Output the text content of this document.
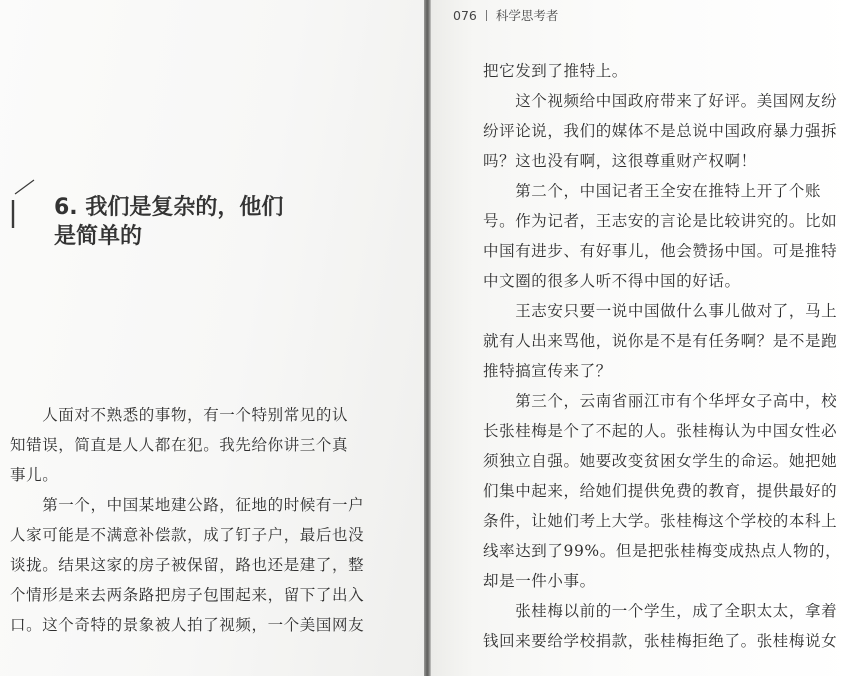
6. 我们是复杂的，他们
是简单的
　　人面对不熟悉的事物，有一个特别常见的认
知错误，简直是人人都在犯。我先给你讲三个真
事儿。
　　第一个，中国某地建公路，征地的时候有一户
人家可能是不满意补偿款，成了钉子户，最后也没
谈拢。结果这家的房子被保留，路也还是建了，整
个情形是来去两条路把房子包围起来，留下了出入
口。这个奇特的景象被人拍了视频，一个美国网友
076 科学思考者
把它发到了推特上。
　　这个视频给中国政府带来了好评。美国网友纷
纷评论说，我们的媒体不是总说中国政府暴力强拆
吗？这也没有啊，这很尊重财产权啊！
　　第二个，中国记者王全安在推特上开了个账
号。作为记者，王志安的言论是比较讲究的。比如
中国有进步、有好事儿，他会赞扬中国。可是推特
中文圈的很多人听不得中国的好话。
　　王志安只要一说中国做什么事儿做对了，马上
就有人出来骂他，说你是不是有任务啊？是不是跑
推特搞宣传来了？
　　第三个，云南省丽江市有个华坪女子高中，校
长张桂梅是个了不起的人。张桂梅认为中国女性必
须独立自强。她要改变贫困女学生的命运。她把她
们集中起来，给她们提供免费的教育，提供最好的
条件，让她们考上大学。张桂梅这个学校的本科上
线率达到了99%。但是把张桂梅变成热点人物的，
却是一件小事。
　　张桂梅以前的一个学生，成了全职太太，拿着
钱回来要给学校捐款，张桂梅拒绝了。张桂梅说女
